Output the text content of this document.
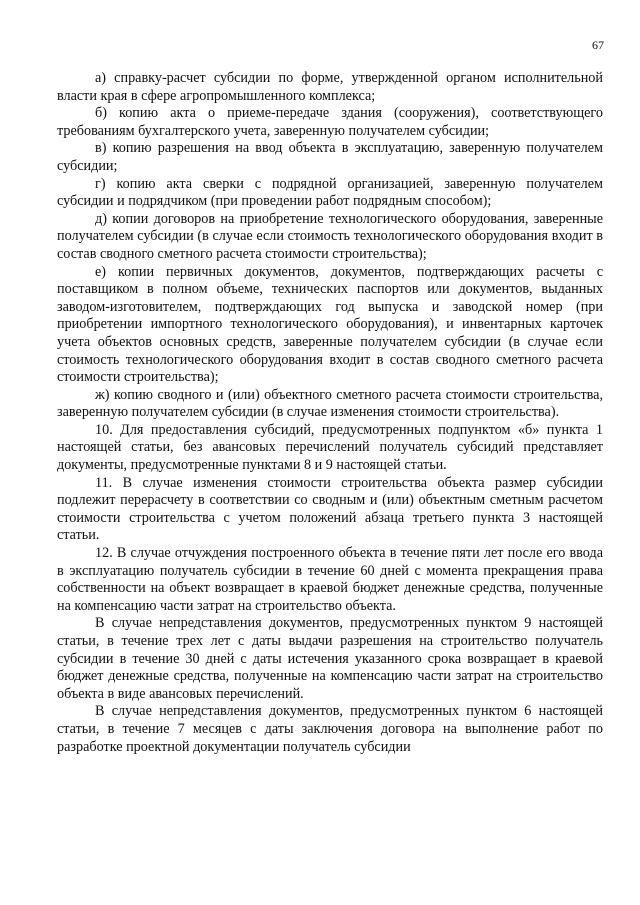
67

а) справку-расчет субсидии по форме, утвержденной органом исполнительной власти края в сфере агропромышленного комплекса;

б) копию акта о приеме-передаче здания (сооружения), соответствующего требованиям бухгалтерского учета, заверенную получателем субсидии;

в) копию разрешения на ввод объекта в эксплуатацию, заверенную получателем субсидии;

г) копию акта сверки с подрядной организацией, заверенную получателем субсидии и подрядчиком (при проведении работ подрядным способом);

д) копии договоров на приобретение технологического оборудования, заверенные получателем субсидии (в случае если стоимость технологического оборудования входит в состав сводного сметного расчета стоимости строительства);

е) копии первичных документов, документов, подтверждающих расчеты с поставщиком в полном объеме, технических паспортов или документов, выданных заводом-изготовителем, подтверждающих год выпуска и заводской номер (при приобретении импортного технологического оборудования), и инвентарных карточек учета объектов основных средств, заверенные получателем субсидии (в случае если стоимость технологического оборудования входит в состав сводного сметного расчета стоимости строительства);

ж) копию сводного и (или) объектного сметного расчета стоимости строительства, заверенную получателем субсидии (в случае изменения стоимости строительства).

10. Для предоставления субсидий, предусмотренных подпунктом «б» пункта 1 настоящей статьи, без авансовых перечислений получатель субсидий представляет документы, предусмотренные пунктами 8 и 9 настоящей статьи.

11. В случае изменения стоимости строительства объекта размер субсидии подлежит перерасчету в соответствии со сводным и (или) объектным сметным расчетом стоимости строительства с учетом положений абзаца третьего пункта 3 настоящей статьи.

12. В случае отчуждения построенного объекта в течение пяти лет после его ввода в эксплуатацию получатель субсидии в течение 60 дней с момента прекращения права собственности на объект возвращает в краевой бюджет денежные средства, полученные на компенсацию части затрат на строительство объекта.

В случае непредставления документов, предусмотренных пунктом 9 настоящей статьи, в течение трех лет с даты выдачи разрешения на строительство получатель субсидии в течение 30 дней с даты истечения указанного срока возвращает в краевой бюджет денежные средства, полученные на компенсацию части затрат на строительство объекта в виде авансовых перечислений.

В случае непредставления документов, предусмотренных пунктом 6 настоящей статьи, в течение 7 месяцев с даты заключения договора на выполнение работ по разработке проектной документации получатель субсидии
